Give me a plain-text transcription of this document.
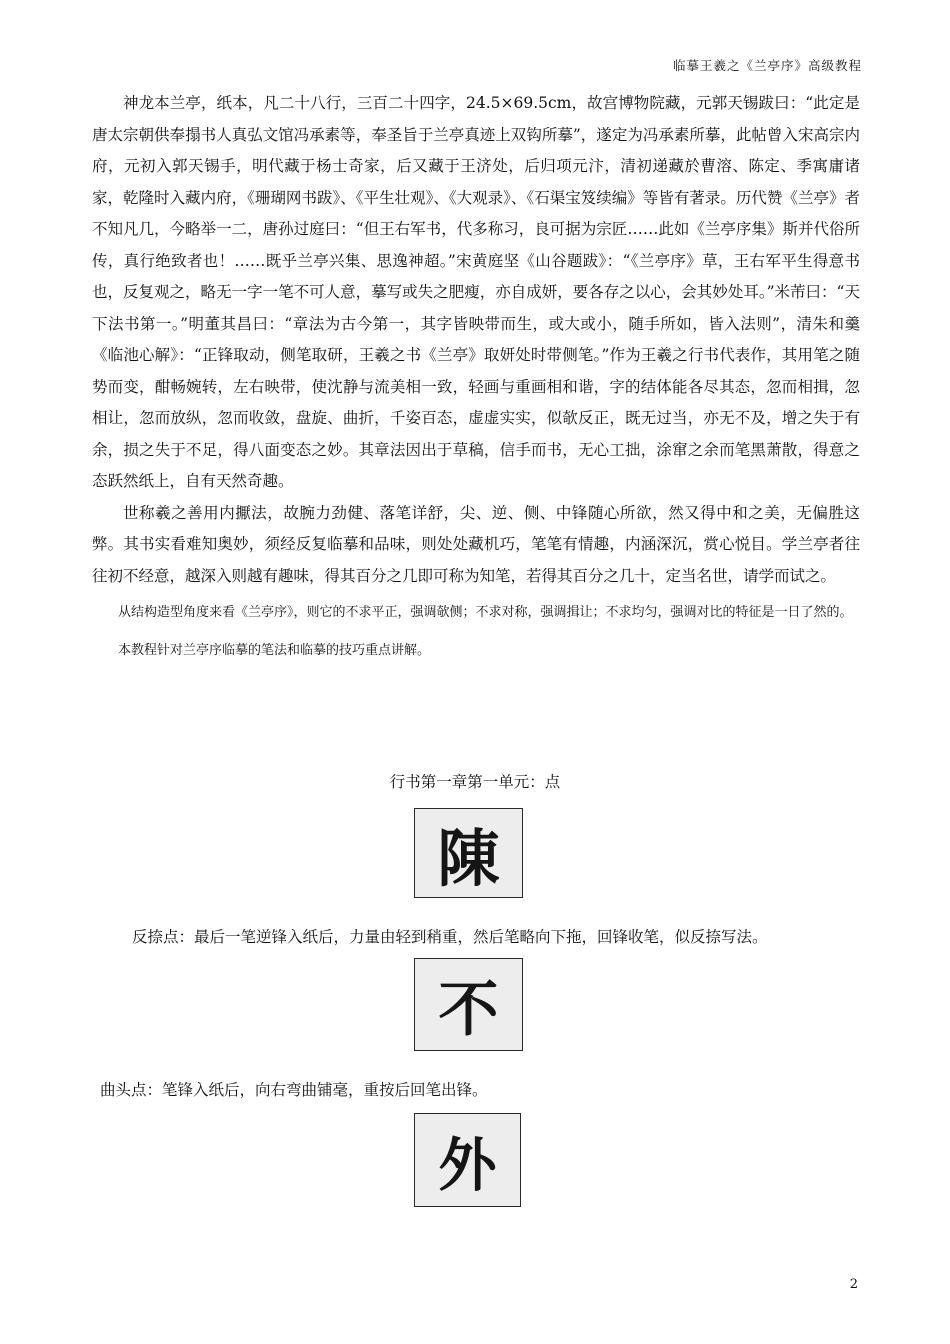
临摹王羲之《兰亭序》高级教程

神龙本兰亭，纸本，凡二十八行，三百二十四字，24.5×69.5cm，故宫博物院藏，元郭天锡跋曰：“此定是唐太宗朝供奉搨书人真弘文馆冯承素等，奉圣旨于兰亭真迹上双钩所摹”，遂定为冯承素所摹，此帖曾入宋高宗内府，元初入郭天锡手，明代藏于杨士奇家，后又藏于王济处，后归项元汴，清初递藏於曹溶、陈定、季寓庸诸家，乾隆时入藏内府，《珊瑚网书跋》、《平生壮观》、《大观录》、《石渠宝笈续编》等皆有著录。历代赞《兰亭》者不知凡几，今略举一二，唐孙过庭曰：“但王右军书，代多称习，良可据为宗匠……此如《兰亭序集》斯并代俗所传，真行绝致者也！……既乎兰亭兴集、思逸神超。”宋黄庭坚《山谷题跋》：“《兰亭序》草，王右军平生得意书也，反复观之，略无一字一笔不可人意，摹写或失之肥瘦，亦自成妍，要各存之以心，会其妙处耳。”米芾曰：“天下法书第一。”明董其昌曰：“章法为古今第一，其字皆映带而生，或大或小，随手所如，皆入法则”，清朱和羹《临池心解》：“正锋取动，侧笔取研，王羲之书《兰亭》取妍处时带侧笔。”作为王羲之行书代表作，其用笔之随势而变，酣畅婉转，左右映带，使沈静与流美相一致，轻画与重画相和谐，字的结体能各尽其态，忽而相揖，忽相让，忽而放纵，忽而收敛，盘旋、曲折，千姿百态，虚虚实实，似欹反正，既无过当，亦无不及，增之失于有余，损之失于不足，得八面变态之妙。其章法因出于草稿，信手而书，无心工拙，涂窜之余而笔黑萧散，得意之态跃然纸上，自有天然奇趣。

世称羲之善用内擫法，故腕力劲健、落笔详舒，尖、逆、侧、中锋随心所欲，然又得中和之美，无偏胜这弊。其书实看难知奥妙，须经反复临摹和品味，则处处藏机巧，笔笔有情趣，内涵深沉，赏心悦目。学兰亭者往往初不经意，越深入则越有趣味，得其百分之几即可称为知笔，若得其百分之几十，定当名世，请学而试之。

从结构造型角度来看《兰亭序》，则它的不求平正，强调欹侧；不求对称，强调揖让；不求均匀，强调对比的特征是一日了然的。

本教程针对兰亭序临摹的笔法和临摹的技巧重点讲解。

行书第一章第一单元：点
陳
反捺点：最后一笔逆锋入纸后，力量由轻到稍重，然后笔略向下拖，回锋收笔，似反捺写法。
不
曲头点：笔锋入纸后，向右弯曲铺毫，重按后回笔出锋。
外
2
